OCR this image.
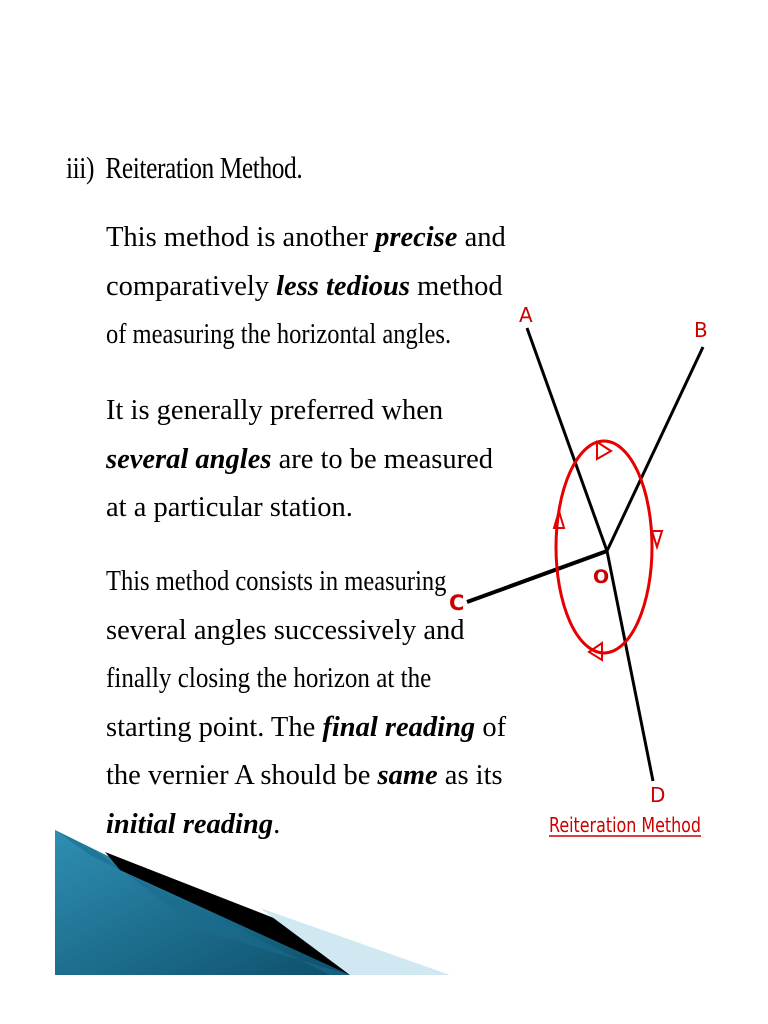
iii) Reiteration Method.
This method is another precise and
comparatively less tedious method
of measuring the horizontal angles.
It is generally preferred when
several angles are to be measured
at a particular station.
This method consists in measuring
several angles successively and
finally closing the horizon at the
starting point. The final reading of
the vernier A should be same as its
initial reading.
A
B
C
D
O
Reiteration Method
